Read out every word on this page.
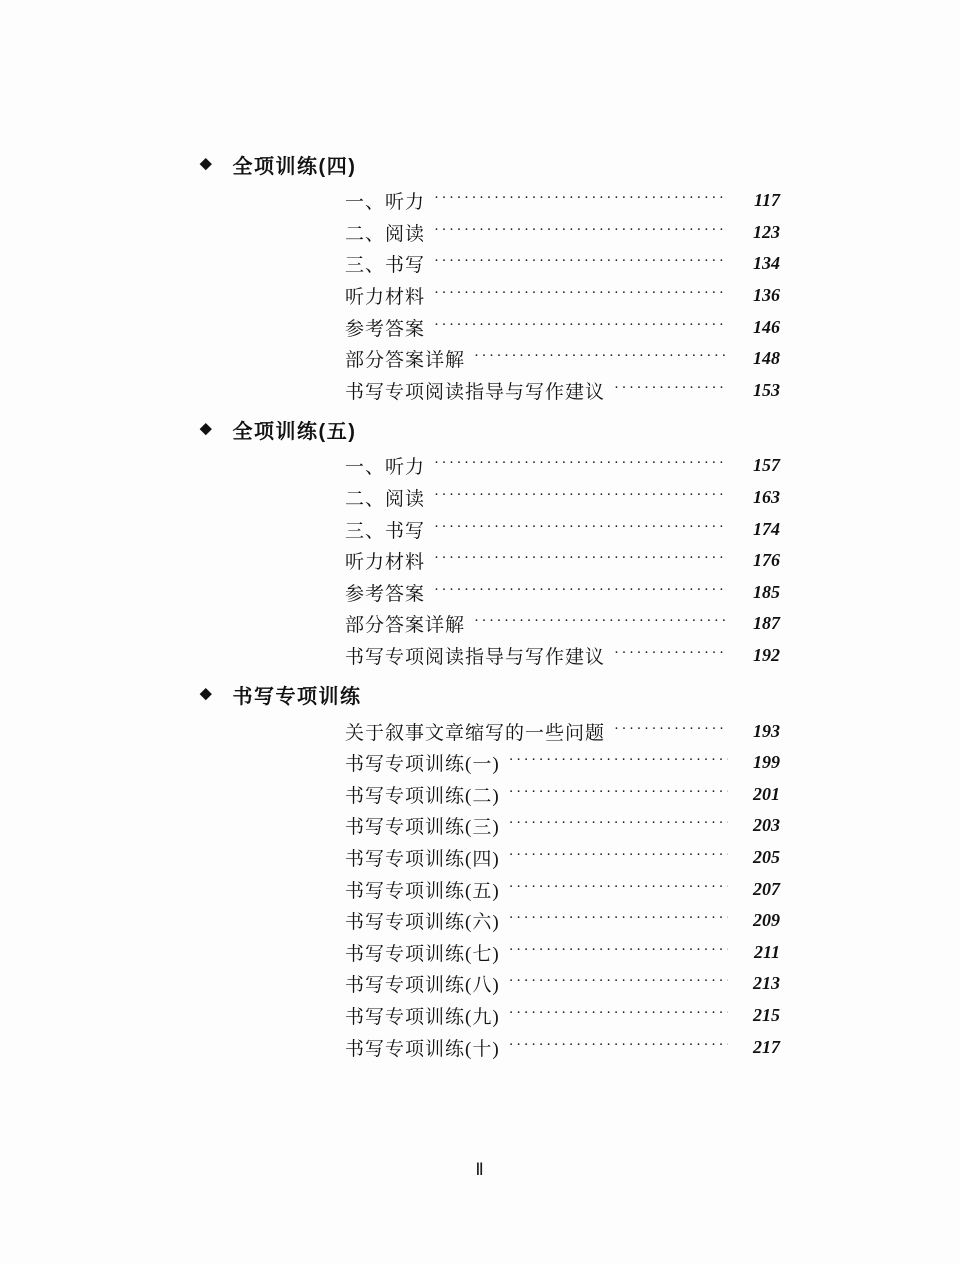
◆ 全项训练(四)
一、听力 ·····	117
二、阅读 ·····	123
三、书写 ·····	134
听力材料 ·····	136
参考答案 ·····	146
部分答案详解 ·····	148
书写专项阅读指导与写作建议 ·····	153
◆ 全项训练(五)
一、听力 ·····	157
二、阅读 ·····	163
三、书写 ·····	174
听力材料 ·····	176
参考答案 ·····	185
部分答案详解 ·····	187
书写专项阅读指导与写作建议 ·····	192
◆ 书写专项训练
关于叙事文章缩写的一些问题 ·····	193
书写专项训练(一) ·····	199
书写专项训练(二) ·····	201
书写专项训练(三) ·····	203
书写专项训练(四) ·····	205
书写专项训练(五) ·····	207
书写专项训练(六) ·····	209
书写专项训练(七) ·····	211
书写专项训练(八) ·····	213
书写专项训练(九) ·····	215
书写专项训练(十) ·····	217
Ⅱ
